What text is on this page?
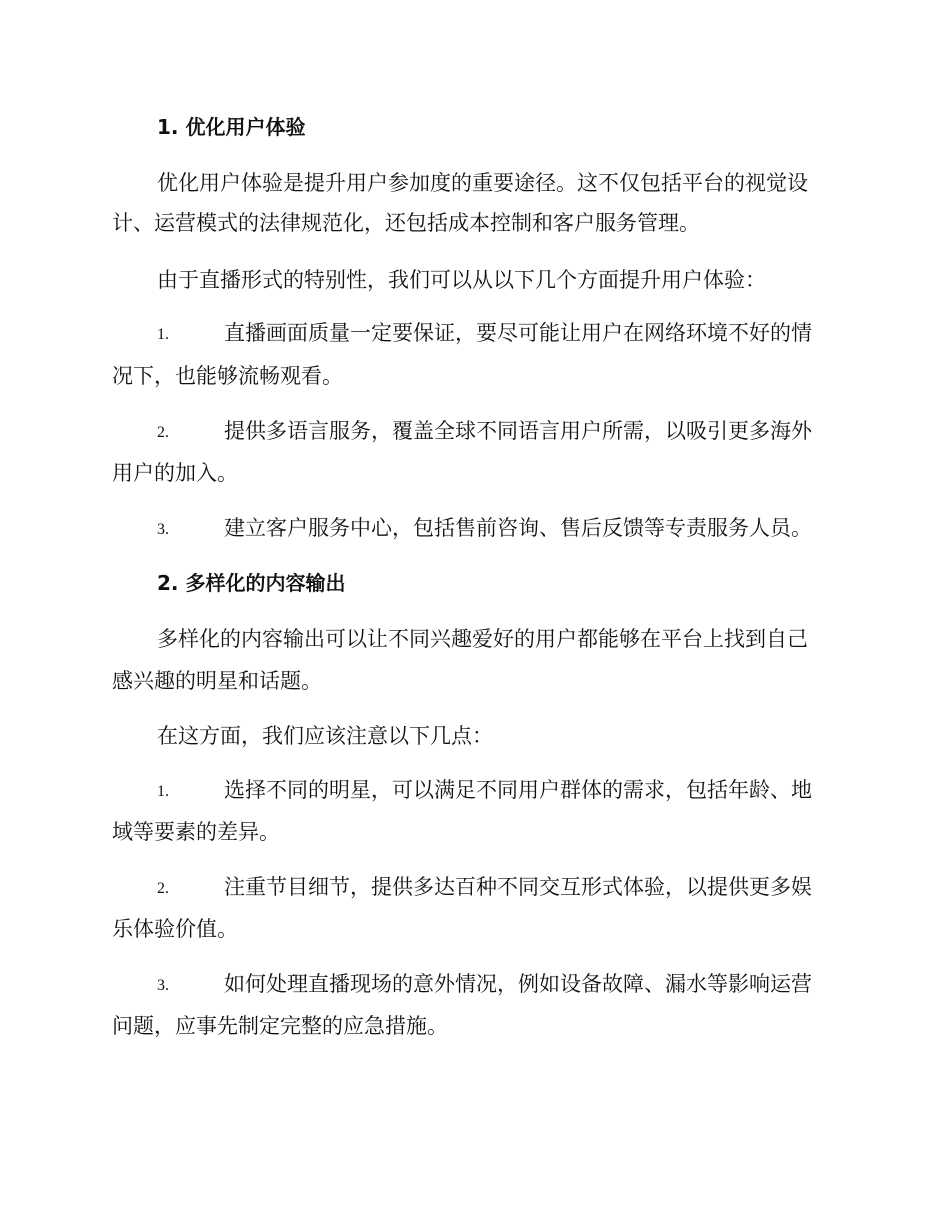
1. 优化用户体验
优化用户体验是提升用户参加度的重要途径。这不仅包括平台的视觉设
计、运营模式的法律规范化，还包括成本控制和客户服务管理。
由于直播形式的特别性，我们可以从以下几个方面提升用户体验：
1.	直播画面质量一定要保证，要尽可能让用户在网络环境不好的情
况下，也能够流畅观看。
2.	提供多语言服务，覆盖全球不同语言用户所需，以吸引更多海外
用户的加入。
3.	建立客户服务中心，包括售前咨询、售后反馈等专责服务人员。
2. 多样化的内容输出
多样化的内容输出可以让不同兴趣爱好的用户都能够在平台上找到自己
感兴趣的明星和话题。
在这方面，我们应该注意以下几点：
1.	选择不同的明星，可以满足不同用户群体的需求，包括年龄、地
域等要素的差异。
2.	注重节目细节，提供多达百种不同交互形式体验，以提供更多娱
乐体验价值。
3.	如何处理直播现场的意外情况，例如设备故障、漏水等影响运营
问题，应事先制定完整的应急措施。
